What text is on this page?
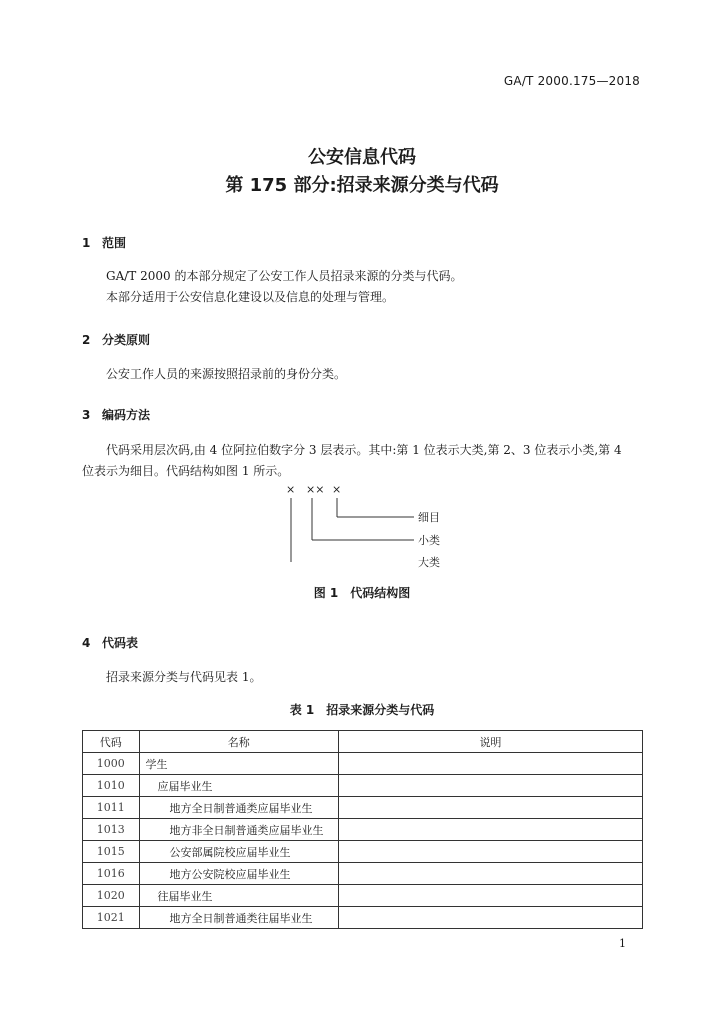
GA/T 2000.175—2018
公安信息代码
第 175 部分:招录来源分类与代码
1 范围
GA/T 2000 的本部分规定了公安工作人员招录来源的分类与代码。
本部分适用于公安信息化建设以及信息的处理与管理。
2 分类原则
公安工作人员的来源按照招录前的身份分类。
3 编码方法
代码采用层次码,由 4 位阿拉伯数字分 3 层表示。其中:第 1 位表示大类,第 2、3 位表示小类,第 4
位表示为细目。代码结构如图 1 所示。
× ×× ×
细目
小类
大类
图 1　代码结构图
4 代码表
招录来源分类与代码见表 1。
表 1　招录来源分类与代码
代码	名称	说明
1000	学生	
1010	应届毕业生	
1011	地方全日制普通类应届毕业生	
1013	地方非全日制普通类应届毕业生	
1015	公安部属院校应届毕业生	
1016	地方公安院校应届毕业生	
1020	往届毕业生	
1021	地方全日制普通类往届毕业生	
1
